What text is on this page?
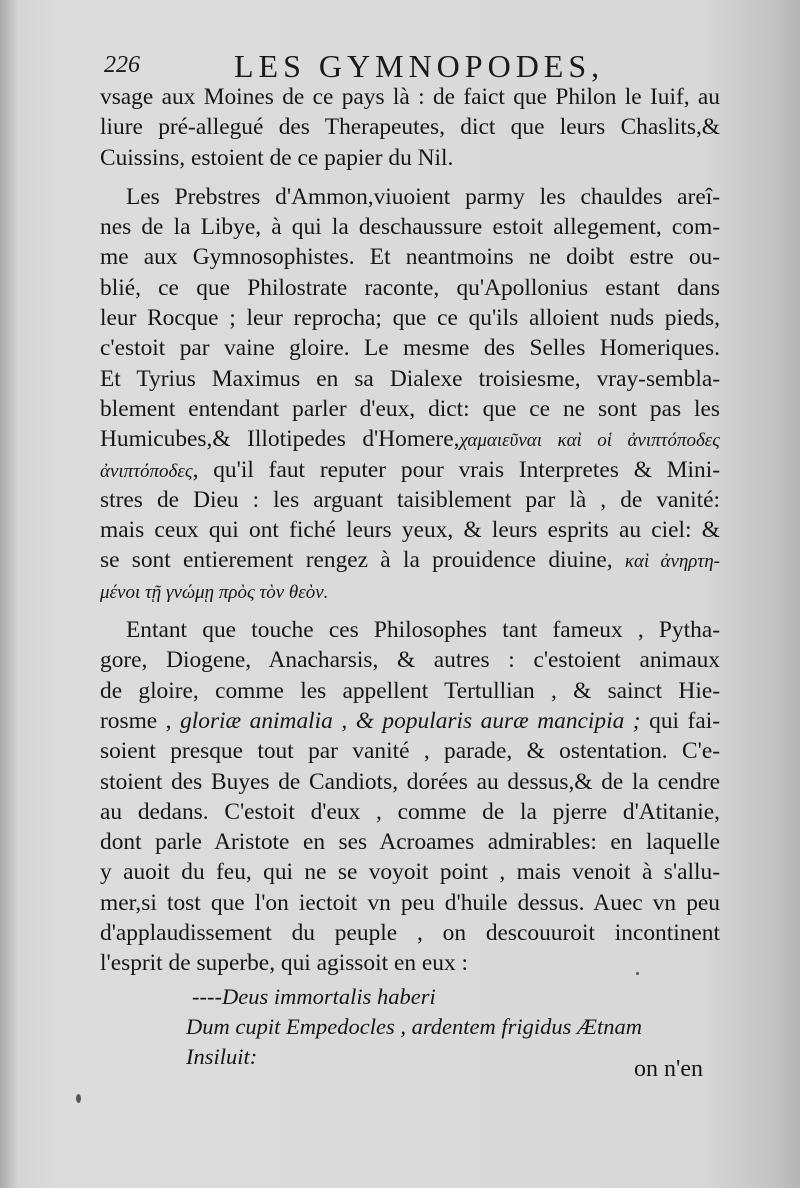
226	LES GYMNOPODES,
vsage aux Moines de ce pays là : de faict que Philon le Iuif, au
liure pré-allegué des Therapeutes, dict que leurs Chaslits,&
Cuissins, estoient de ce papier du Nil.
Les Prebstres d'Ammon,viuoient parmy les chauldes areî-
nes de la Libye, à qui la deschaussure estoit allegement, com-
me aux Gymnosophistes. Et neantmoins ne doibt estre ou-
blié, ce que Philostrate raconte, qu'Apollonius estant dans
leur Rocque ; leur reprocha; que ce qu'ils alloient nuds pieds,
c'estoit par vaine gloire. Le mesme des Selles Homeriques.
Et Tyrius Maximus en sa Dialexe troisiesme, vray-sembla-
blement entendant parler d'eux, dict: que ce ne sont pas les
Humicubes,& Illotipedes d'Homere,χαμαιεῦναι καὶ οἱ ἀνιπτόποδες
ἀνιπτόποδες, qu'il faut reputer pour vrais Interpretes & Mini-
stres de Dieu : les arguant taisiblement par là , de vanité:
mais ceux qui ont fiché leurs yeux, & leurs esprits au ciel: &
se sont entierement rengez à la prouidence diuine, καὶ ἀνηρτη-
μένοι τῇ γνώμῃ πρὸς τὸν θεὸν.
Entant que touche ces Philosophes tant fameux , Pytha-
gore, Diogene, Anacharsis, & autres : c'estoient animaux
de gloire, comme les appellent Tertullian , & sainct Hie-
rosme , gloriæ animalia , & popularis auræ mancipia ; qui fai-
soient presque tout par vanité , parade, & ostentation. C'e-
stoient des Buyes de Candiots, dorées au dessus,& de la cendre
au dedans. C'estoit d'eux , comme de la pjerre d'Atitanie,
dont parle Aristote en ses Acroames admirables: en laquelle
y auoit du feu, qui ne se voyoit point , mais venoit à s'allu-
mer,si tost que l'on iectoit vn peu d'huile dessus. Auec vn peu
d'applaudissement du peuple , on descouuroit incontinent
l'esprit de superbe, qui agissoit en eux :
----Deus immortalis haberi
Dum cupit Empedocles , ardentem frigidus Ætnam
Insiluit:	on n'en
